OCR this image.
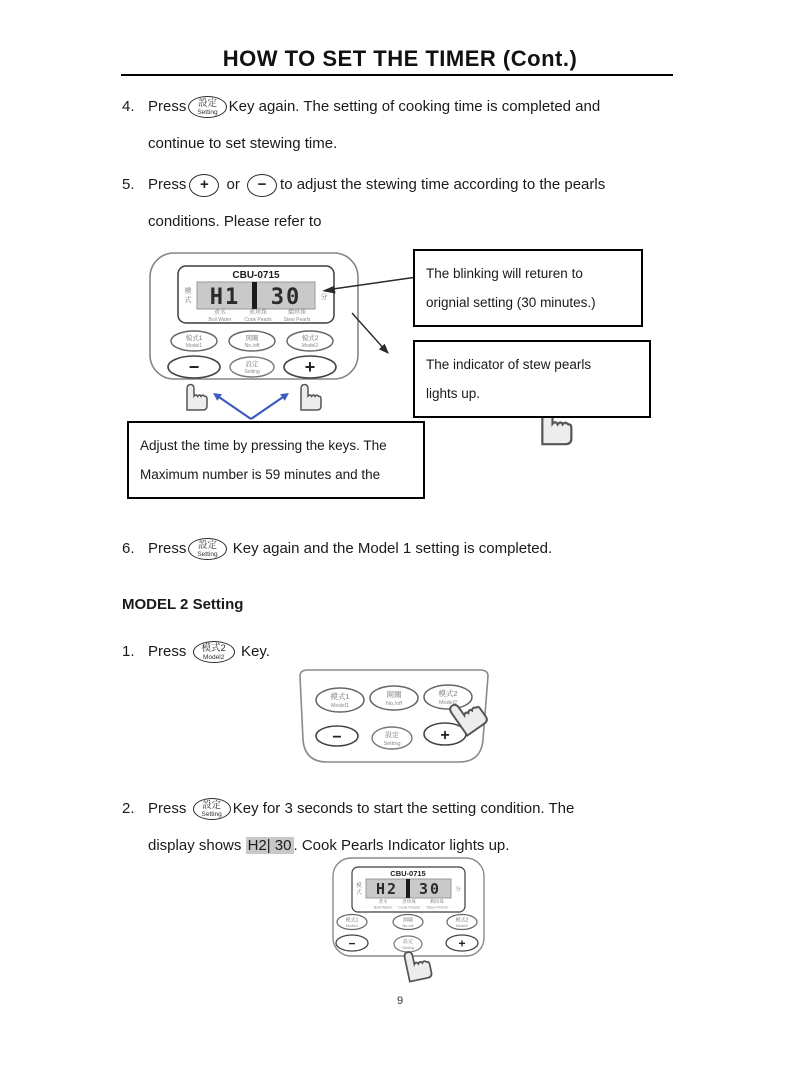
HOW TO SET THE TIMER (Cont.)
4. Press 設定
Setting Key again. The setting of cooking time is completed and
continue to set stewing time.
5. Press + or − to adjust the stewing time according to the pearls
conditions. Please refer to
CBU-0715
H1 30
模
式	分
煮水
Boil Water
煮珍珠
Cook Pearls
燜珍珠
Stew Pearls
模式1
Model1
開關
No./off
模式2
Model2
−	設定
Setting +
模式1
Model1
開關
No./off
模式2
Model2
−	設定
Setting +
CBU-0715
H2 30
模
式	分
煮水
Boil Water
煮珍珠
Cook Pearls
燜珍珠
Stew Pearls
模式1
Model1
開關
No./off
模式2
Model2
−	設定
Setting	+
The blinking will returen to
orignial setting (30 minutes.)
The indicator of stew pearls
lights up.
Adjust the time by pressing the keys. The
Maximum number is 59 minutes and the
6. Press 設定
Setting Key again and the Model 1 setting is completed.
MODEL 2 Setting
1. Press 模式2
Model2 Key.
2. Press 設定
Setting Key for 3 seconds to start the setting condition. The
display shows H2| 30 . Cook Pearls Indicator lights up.
9
